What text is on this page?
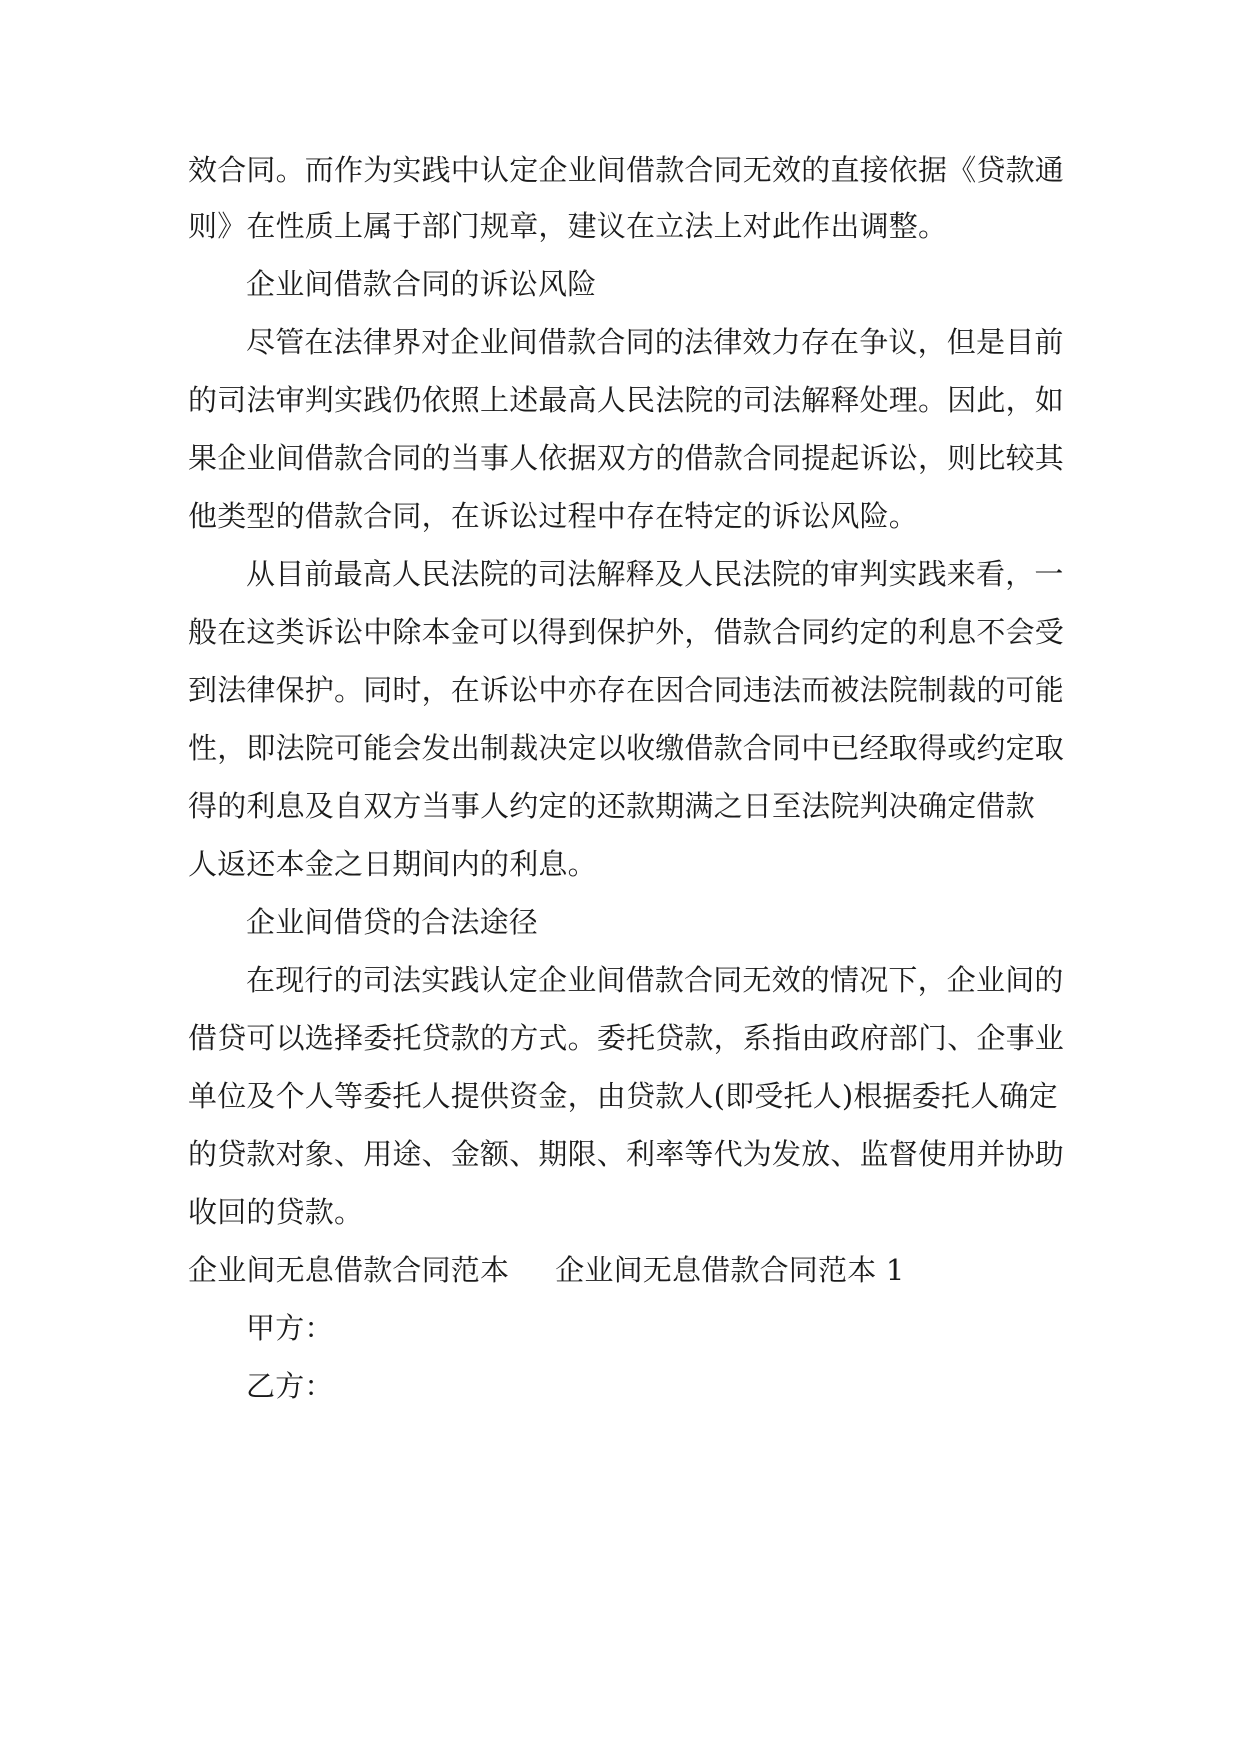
效合同。而作为实践中认定企业间借款合同无效的直接依据《贷款通
则》在性质上属于部门规章，建议在立法上对此作出调整。
企业间借款合同的诉讼风险
尽管在法律界对企业间借款合同的法律效力存在争议，但是目前
的司法审判实践仍依照上述最高人民法院的司法解释处理。因此，如
果企业间借款合同的当事人依据双方的借款合同提起诉讼，则比较其
他类型的借款合同，在诉讼过程中存在特定的诉讼风险。
从目前最高人民法院的司法解释及人民法院的审判实践来看，一
般在这类诉讼中除本金可以得到保护外，借款合同约定的利息不会受
到法律保护。同时，在诉讼中亦存在因合同违法而被法院制裁的可能
性，即法院可能会发出制裁决定以收缴借款合同中已经取得或约定取
得的利息及自双方当事人约定的还款期满之日至法院判决确定借款
人返还本金之日期间内的利息。
企业间借贷的合法途径
在现行的司法实践认定企业间借款合同无效的情况下，企业间的
借贷可以选择委托贷款的方式。委托贷款，系指由政府部门、企事业
单位及个人等委托人提供资金，由贷款人(即受托人)根据委托人确定
的贷款对象、用途、金额、期限、利率等代为发放、监督使用并协助
收回的贷款。
企业间无息借款合同范本 企业间无息借款合同范本 1
甲方：
乙方：
